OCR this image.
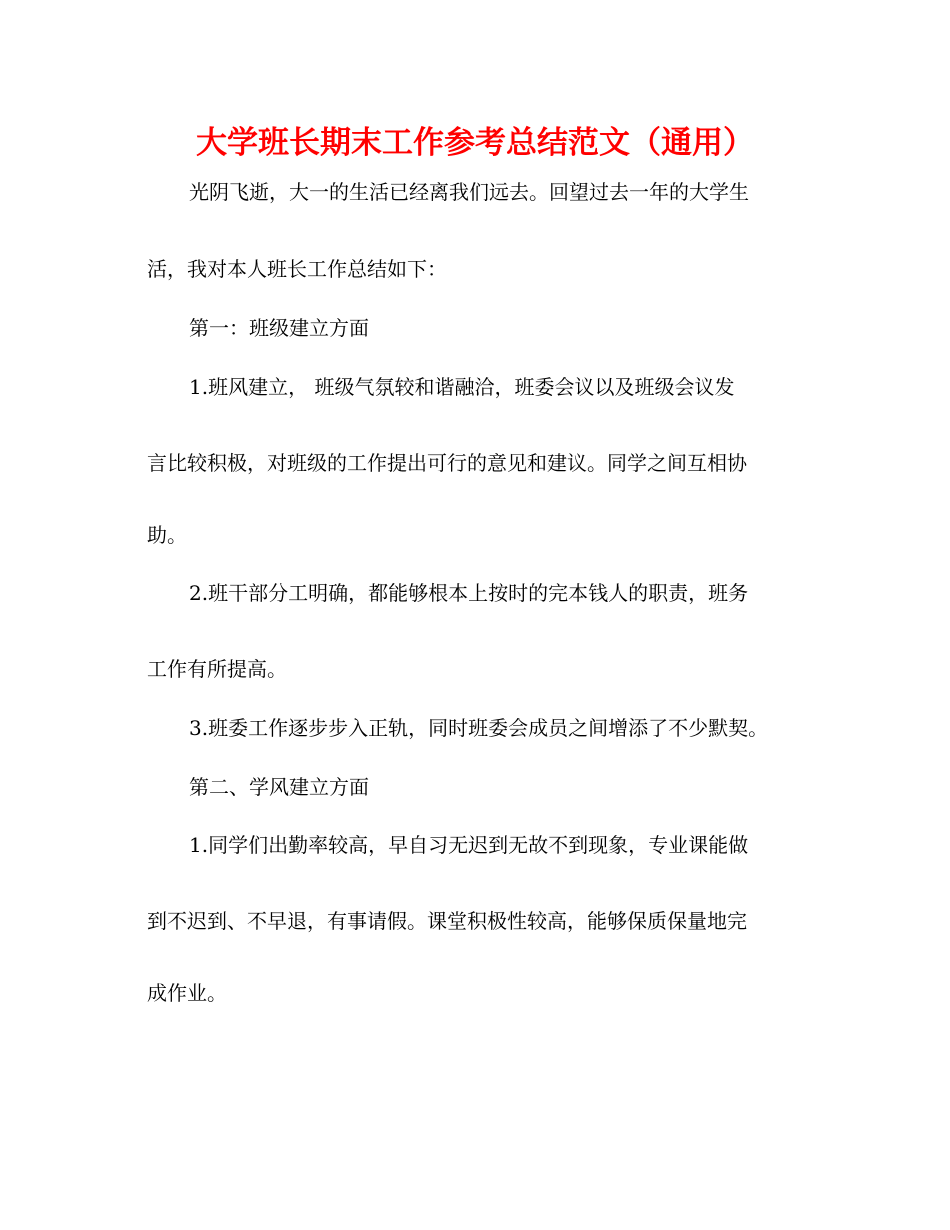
大学班长期末工作参考总结范文（通用）

光阴飞逝，大一的生活已经离我们远去。回望过去一年的大学生

活，我对本人班长工作总结如下：

第一：班级建立方面

1.班风建立， 班级气氛较和谐融洽，班委会议以及班级会议发

言比较积极，对班级的工作提出可行的意见和建议。同学之间互相协

助。

2.班干部分工明确，都能够根本上按时的完本钱人的职责，班务

工作有所提高。

3.班委工作逐步步入正轨，同时班委会成员之间增添了不少默契。

第二、学风建立方面

1.同学们出勤率较高，早自习无迟到无故不到现象，专业课能做

到不迟到、不早退，有事请假。课堂积极性较高，能够保质保量地完

成作业。
